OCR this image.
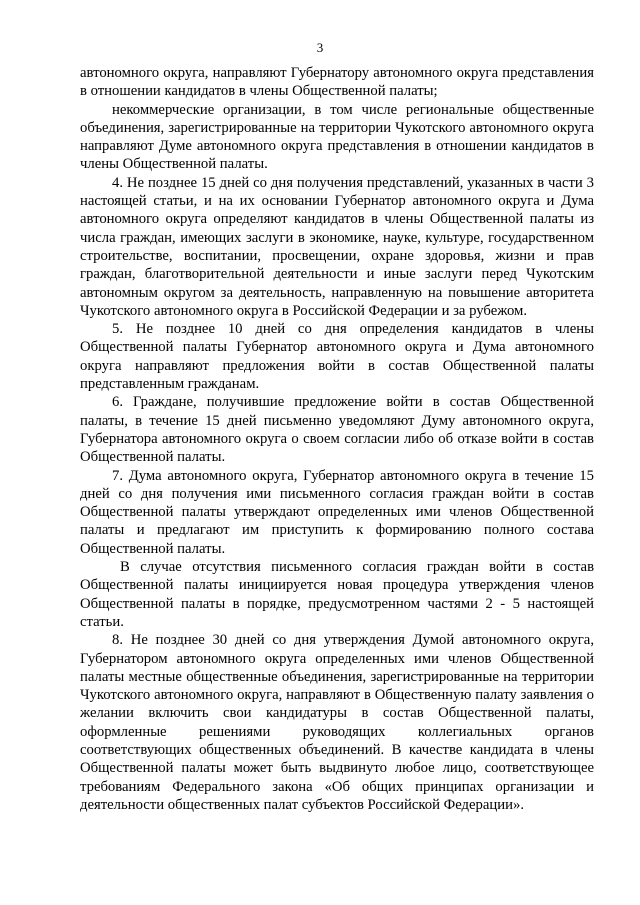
3

автономного округа, направляют Губернатору автономного округа представления в отношении кандидатов в члены Общественной палаты;

некоммерческие организации, в том числе региональные общественные объединения, зарегистрированные на территории Чукотского автономного округа направляют Думе автономного округа представления в отношении кандидатов в члены Общественной палаты.

4. Не позднее 15 дней со дня получения представлений, указанных в части 3 настоящей статьи, и на их основании Губернатор автономного округа и Дума автономного округа определяют кандидатов в члены Общественной палаты из числа граждан, имеющих заслуги в экономике, науке, культуре, государственном строительстве, воспитании, просвещении, охране здоровья, жизни и прав граждан, благотворительной деятельности и иные заслуги перед Чукотским автономным округом за деятельность, направленную на повышение авторитета Чукотского автономного округа в Российской Федерации и за рубежом.

5. Не позднее 10 дней со дня определения кандидатов в члены Общественной палаты Губернатор автономного округа и Дума автономного округа направляют предложения войти в состав Общественной палаты представленным гражданам.

6. Граждане, получившие предложение войти в состав Общественной палаты, в течение 15 дней письменно уведомляют Думу автономного округа, Губернатора автономного округа о своем согласии либо об отказе войти в состав Общественной палаты.

7. Дума автономного округа, Губернатор автономного округа в течение 15 дней со дня получения ими письменного согласия граждан войти в состав Общественной палаты утверждают определенных ими членов Общественной палаты и предлагают им приступить к формированию полного состава Общественной палаты.

В случае отсутствия письменного согласия граждан войти в состав Общественной палаты инициируется новая процедура утверждения членов Общественной палаты в порядке, предусмотренном частями 2 - 5 настоящей статьи.

8. Не позднее 30 дней со дня утверждения Думой автономного округа, Губернатором автономного округа определенных ими членов Общественной палаты местные общественные объединения, зарегистрированные на территории Чукотского автономного округа, направляют в Общественную палату заявления о желании включить свои кандидатуры в состав Общественной палаты, оформленные решениями руководящих коллегиальных органов соответствующих общественных объединений. В качестве кандидата в члены Общественной палаты может быть выдвинуто любое лицо, соответствующее требованиям Федерального закона «Об общих принципах организации и деятельности общественных палат субъектов Российской Федерации».
